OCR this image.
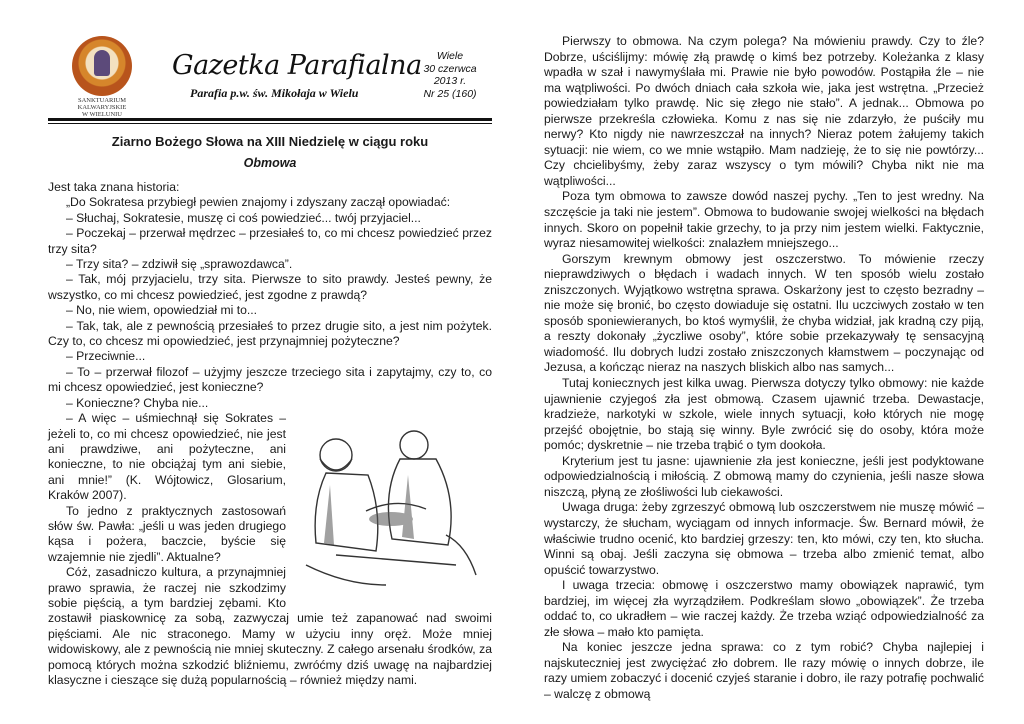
SANKTUARIUM
KALWARYJSKIE
W WIELUNIU
Gazetka Parafialna
Parafia p.w. św. Mikołaja w Wielu
Wiele
30 czerwca
2013 r.
Nr 25 (160)
Ziarno Bożego Słowa na XIII Niedzielę w ciągu roku
Obmowa

Jest taka znana historia:

„Do Sokratesa przybiegł pewien znajomy i zdyszany zaczął opowiadać:

– Słuchaj, Sokratesie, muszę ci coś powiedzieć... twój przyjaciel...

– Poczekaj – przerwał mędrzec – przesiałeś to, co mi chcesz powiedzieć przez trzy sita?

– Trzy sita? – zdziwił się „sprawozdawca”.

– Tak, mój przyjacielu, trzy sita. Pierwsze to sito prawdy. Jesteś pewny, że wszystko, co mi chcesz powiedzieć, jest zgodne z prawdą?

– No, nie wiem, opowiedział mi to...

– Tak, tak, ale z pewnością przesiałeś to przez drugie sito, a jest nim pożytek. Czy to, co chcesz mi opowiedzieć, jest przynajmniej pożyteczne?

– Przeciwnie...

– To – przerwał filozof – użyjmy jeszcze trzeciego sita i zapytajmy, czy to, co mi chcesz opowiedzieć, jest konieczne?

– Konieczne? Chyba nie...

– A więc – uśmiechnął się Sokrates – jeżeli to, co mi chcesz opowiedzieć, nie jest ani prawdziwe, ani pożyteczne, ani konieczne, to nie obciążaj tym ani siebie, ani mnie!” (K. Wójtowicz, Glosarium, Kraków 2007).

To jedno z praktycznych zastosowań słów św. Pawła: „jeśli u was jeden drugiego kąsa i pożera, baczcie, byście się wzajemnie nie zjedli”. Aktualne?

Cóż, zasadniczo kultura, a przynajmniej prawo sprawia, że raczej nie szkodzimy sobie pięścią, a tym bardziej zębami. Kto zostawił piaskownicę za sobą, zazwyczaj umie też zapanować nad swoimi pięściami. Ale nic straconego. Mamy w użyciu inny oręż. Może mniej widowiskowy, ale z pewnością nie mniej skuteczny. Z całego arsenału środków, za pomocą których można szkodzić bliźniemu, zwróćmy dziś uwagę na najbardziej klasyczne i cieszące się dużą popularnością – również między nami.

Pierwszy to obmowa. Na czym polega? Na mówieniu prawdy. Czy to źle? Dobrze, uściślijmy: mówię złą prawdę o kimś bez potrzeby. Koleżanka z klasy wpadła w szał i nawymyślała mi. Prawie nie było powodów. Postąpiła źle – nie ma wątpliwości. Po dwóch dniach cała szkoła wie, jaka jest wstrętna. „Przecież powiedziałam tylko prawdę. Nic się złego nie stało”. A jednak... Obmowa po pierwsze przekreśla człowieka. Komu z nas się nie zdarzyło, że puściły mu nerwy? Kto nigdy nie nawrzeszczał na innych? Nieraz potem żałujemy takich sytuacji: nie wiem, co we mnie wstąpiło. Mam nadzieję, że to się nie powtórzy... Czy chcielibyśmy, żeby zaraz wszyscy o tym mówili? Chyba nikt nie ma wątpliwości...

Poza tym obmowa to zawsze dowód naszej pychy. „Ten to jest wredny. Na szczęście ja taki nie jestem”. Obmowa to budowanie swojej wielkości na błędach innych. Skoro on popełnił takie grzechy, to ja przy nim jestem wielki. Faktycznie, wyraz niesamowitej wielkości: znalazłem mniejszego...

Gorszym krewnym obmowy jest oszczerstwo. To mówienie rzeczy nieprawdziwych o błędach i wadach innych. W ten sposób wielu zostało zniszczonych. Wyjątkowo wstrętna sprawa. Oskarżony jest to często bezradny – nie może się bronić, bo często dowiaduje się ostatni. Ilu uczciwych zostało w ten sposób sponiewieranych, bo ktoś wymyślił, że chyba widział, jak kradną czy piją, a reszty dokonały „życzliwe osoby”, które sobie przekazywały tę sensacyjną wiadomość. Ilu dobrych ludzi zostało zniszczonych kłamstwem – poczynając od Jezusa, a kończąc nieraz na naszych bliskich albo nas samych...

Tutaj koniecznych jest kilka uwag. Pierwsza dotyczy tylko obmowy: nie każde ujawnienie czyjegoś zła jest obmową. Czasem ujawnić trzeba. Dewastacje, kradzieże, narkotyki w szkole, wiele innych sytuacji, koło których nie mogę przejść obojętnie, bo stają się winny. Byle zwrócić się do osoby, która może pomóc; dyskretnie – nie trzeba trąbić o tym dookoła.

Kryterium jest tu jasne: ujawnienie zła jest konieczne, jeśli jest podyktowane odpowiedzialnością i miłością. Z obmową mamy do czynienia, jeśli nasze słowa niszczą, płyną ze złośliwości lub ciekawości.

Uwaga druga: żeby zgrzeszyć obmową lub oszczerstwem nie muszę mówić – wystarczy, że słucham, wyciągam od innych informacje. Św. Bernard mówił, że właściwie trudno ocenić, kto bardziej grzeszy: ten, kto mówi, czy ten, kto słucha. Winni są obaj. Jeśli zaczyna się obmowa – trzeba albo zmienić temat, albo opuścić towarzystwo.

I uwaga trzecia: obmowę i oszczerstwo mamy obowiązek naprawić, tym bardziej, im więcej zła wyrządziłem. Podkreślam słowo „obowiązek”. Że trzeba oddać to, co ukradłem – wie raczej każdy. Że trzeba wziąć odpowiedzialność za złe słowa – mało kto pamięta.

Na koniec jeszcze jedna sprawa: co z tym robić? Chyba najlepiej i najskuteczniej jest zwyciężać zło dobrem. Ile razy mówię o innych dobrze, ile razy umiem zobaczyć i docenić czyjeś staranie i dobro, ile razy potrafię pochwalić – walczę z obmową
